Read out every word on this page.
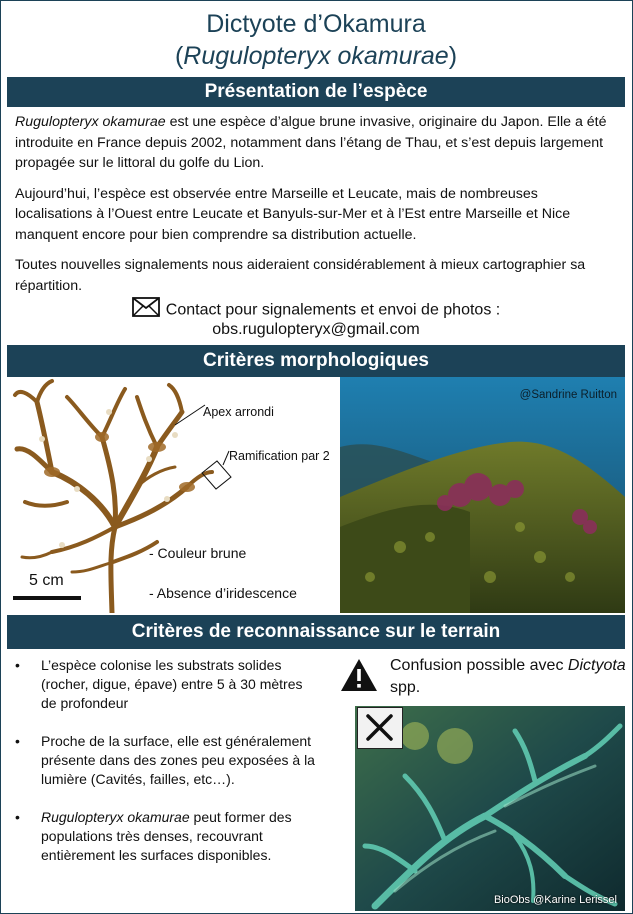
Dictyote d’Okamura
(Rugulopteryx okamurae)
Présentation de l’espèce

Rugulopteryx okamurae est une espèce d’algue brune invasive, originaire du Japon. Elle a été introduite en France depuis 2002, notamment dans l’étang de Thau, et s’est depuis largement propagée sur le littoral du golfe du Lion.

Aujourd’hui, l’espèce est observée entre Marseille et Leucate, mais de nombreuses localisations à l’Ouest entre Leucate et Banyuls-sur-Mer et à l’Est entre Marseille et Nice manquent encore pour bien comprendre sa distribution actuelle.

Toutes nouvelles signalements nous aideraient considérablement à mieux cartographier sa répartition.

Contact pour signalements et envoi de photos :
obs.rugulopteryx@gmail.com
Critères morphologiques
Apex arrondi
Ramification par 2
- Couleur brune
- Absence d’iridescence
5 cm
@Sandrine Ruitton
Critères de reconnaissance sur le terrain
• L’espèce colonise les substrats solides (rocher, digue, épave) entre 5 à 30 mètres de profondeur
• Proche de la surface, elle est généralement présente dans des zones peu exposées à la lumière (Cavités, failles, etc…).
• Rugulopteryx okamurae peut former des populations très denses, recouvrant entièrement les surfaces disponibles.
Confusion possible avec Dictyota spp.
BioObs @Karine Lerissel
